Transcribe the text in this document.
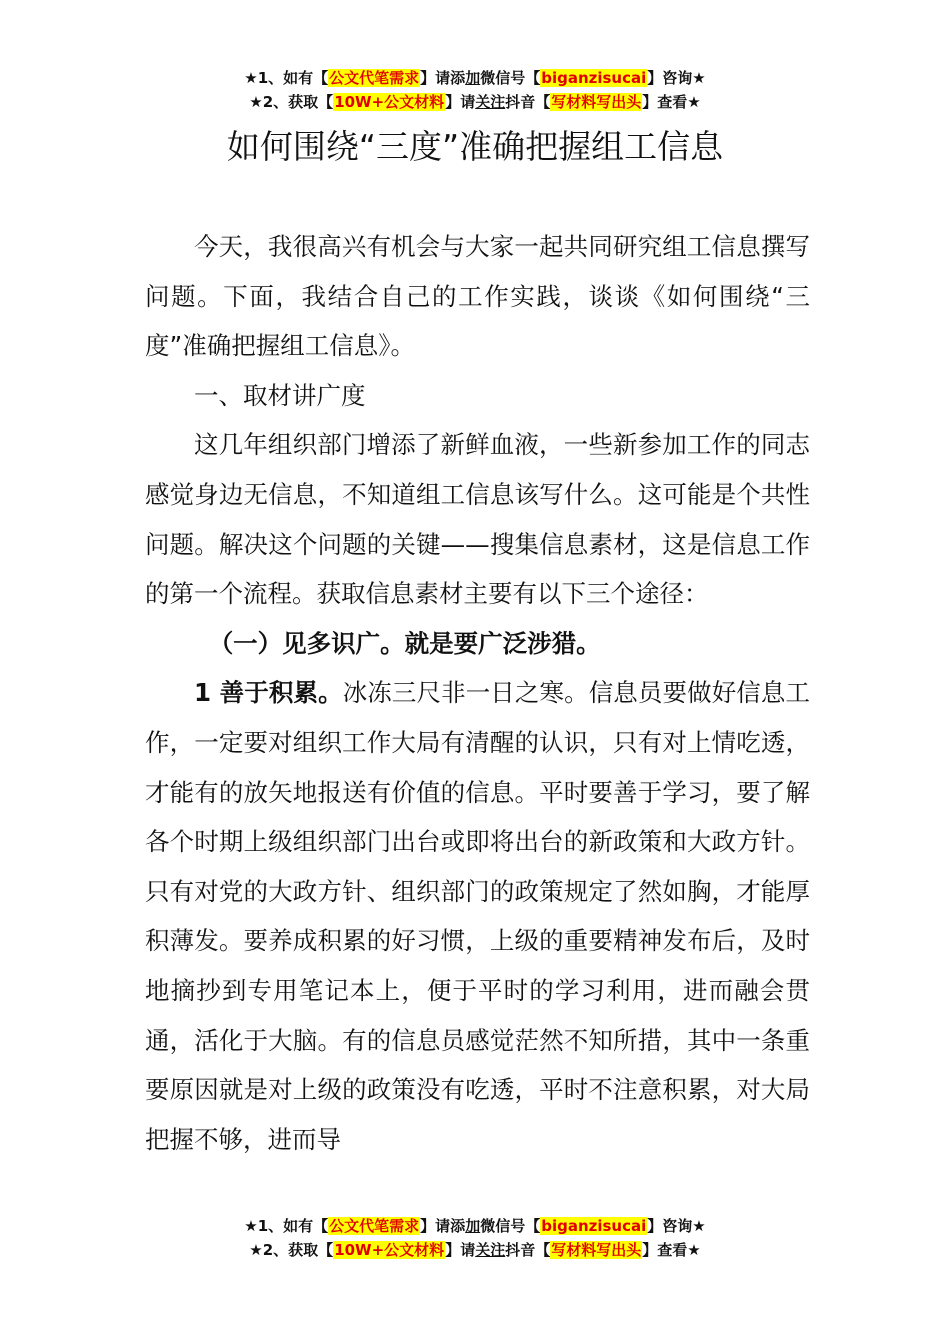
★1、如有【公文代笔需求】请添加微信号【biganzisucai】咨询★
★2、获取【10W+公文材料】请关注抖音【写材料写出头】查看★
如何围绕“三度”准确把握组工信息

今天，我很高兴有机会与大家一起共同研究组工信息撰写问题。下面，我结合自己的工作实践，谈谈《如何围绕“三度”准确把握组工信息》。

一、取材讲广度

这几年组织部门增添了新鲜血液，一些新参加工作的同志感觉身边无信息，不知道组工信息该写什么。这可能是个共性问题。解决这个问题的关键——搜集信息素材，这是信息工作的第一个流程。获取信息素材主要有以下三个途径：

（一）见多识广。就是要广泛涉猎。

1 善于积累。冰冻三尺非一日之寒。信息员要做好信息工作，一定要对组织工作大局有清醒的认识，只有对上情吃透，才能有的放矢地报送有价值的信息。平时要善于学习，要了解各个时期上级组织部门出台或即将出台的新政策和大政方针。只有对党的大政方针、组织部门的政策规定了然如胸，才能厚积薄发。要养成积累的好习惯，上级的重要精神发布后，及时地摘抄到专用笔记本上，便于平时的学习利用，进而融会贯通，活化于大脑。有的信息员感觉茫然不知所措，其中一条重要原因就是对上级的政策没有吃透，平时不注意积累，对大局把握不够，进而导

★1、如有【公文代笔需求】请添加微信号【biganzisucai】咨询★
★2、获取【10W+公文材料】请关注抖音【写材料写出头】查看★
